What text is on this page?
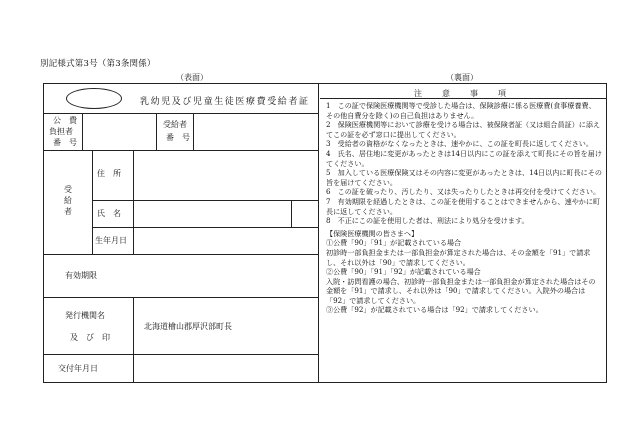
別記様式第3号（第3条関係）
（表面）	（裏面）
乳幼児及び児童生徒医療費受給者証
公　費
負担者
番　号
受給者
番　号
受給者
住　所
氏　名
生年月日
有効期限
発行機関名
及　び　印
北海道檜山郡厚沢部町長
交付年月日
注　意　事　項

1　この証で保険医療機関等で受診した場合は、保険診療に係る医療費(食事療養費、その他自費分を除く)の自己負担はありません。

2　保険医療機関等において診療を受ける場合は、被保険者証（又は組合員証）に添えてこの証を必ず窓口に提出してください。

3　受給者の資格がなくなったときは、速やかに、この証を町長に返してください。

4　氏名、居住地に変更があったときは14日以内にこの証を添えて町長にその旨を届けてください。

5　加入している医療保険又はその内容に変更があったときは、14日以内に町長にその旨を届けてください。

6　この証を破ったり、汚したり、又は失ったりしたときは再交付を受けてください。

7　有効期限を経過したときは、この証を使用することはできませんから、速やかに町長に返してください。

8　不正にこの証を使用した者は、刑法により処分を受けます。

【保険医療機関の皆さまへ】

①公費「90」「91」が記載されている場合

初診時一部負担金または一部負担金が算定された場合は、その金額を「91」で請求し、それ以外は「90」で請求してください。

②公費「90」「91」「92」が記載されている場合

入院・訪問看護の場合、初診時一部負担金または一部負担金が算定された場合はその金額を「91」で請求し、それ以外は「90」で請求してください。入院外の場合は「92」で請求してください。

③公費「92」が記載されている場合は「92」で請求してください。
